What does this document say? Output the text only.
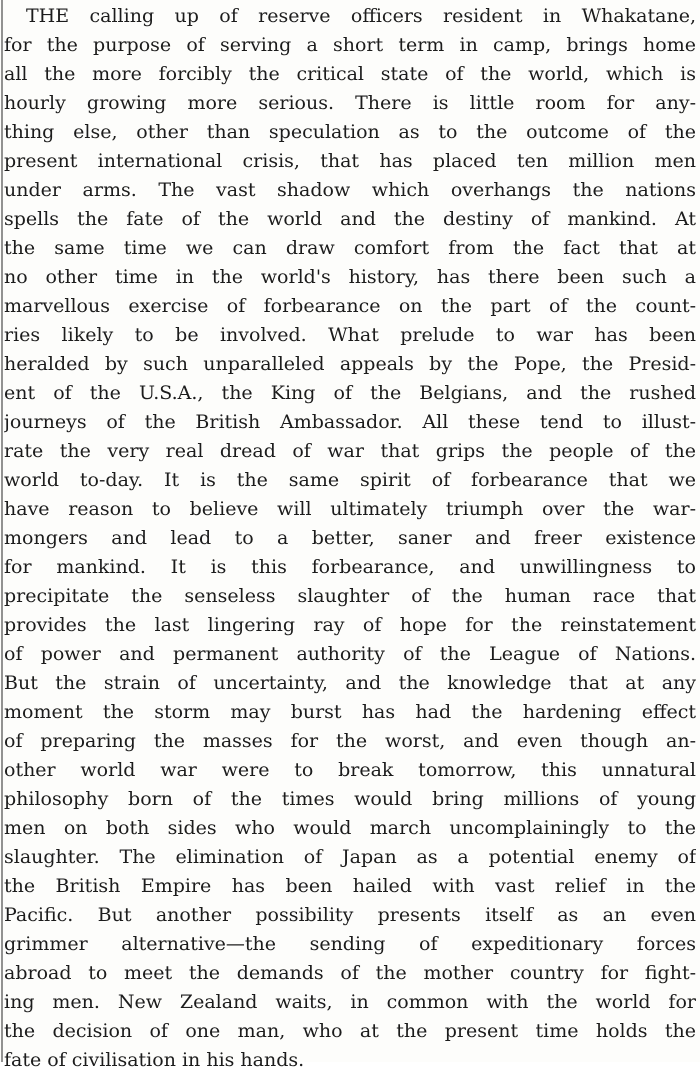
THE calling up of reserve officers resident in Whakatane,
for the purpose of serving a short term in camp, brings home
all the more forcibly the critical state of the world, which is
hourly growing more serious. There is little room for any-
thing else, other than speculation as to the outcome of the
present international crisis, that has placed ten million men
under arms. The vast shadow which overhangs the nations
spells the fate of the world and the destiny of mankind. At
the same time we can draw comfort from the fact that at
no other time in the world's history, has there been such a
marvellous exercise of forbearance on the part of the count-
ries likely to be involved. What prelude to war has been
heralded by such unparalleled appeals by the Pope, the Presid-
ent of the U.S.A., the King of the Belgians, and the rushed
journeys of the British Ambassador. All these tend to illust-
rate the very real dread of war that grips the people of the
world to-day. It is the same spirit of forbearance that we
have reason to believe will ultimately triumph over the war-
mongers and lead to a better, saner and freer existence
for mankind. It is this forbearance, and unwillingness to
precipitate the senseless slaughter of the human race that
provides the last lingering ray of hope for the reinstatement
of power and permanent authority of the League of Nations.
But the strain of uncertainty, and the knowledge that at any
moment the storm may burst has had the hardening effect
of preparing the masses for the worst, and even though an-
other world war were to break tomorrow, this unnatural
philosophy born of the times would bring millions of young
men on both sides who would march uncomplainingly to the
slaughter. The elimination of Japan as a potential enemy of
the British Empire has been hailed with vast relief in the
Pacific. But another possibility presents itself as an even
grimmer alternative—the sending of expeditionary forces
abroad to meet the demands of the mother country for fight-
ing men. New Zealand waits, in common with the world for
the decision of one man, who at the present time holds the
fate of civilisation in his hands.
